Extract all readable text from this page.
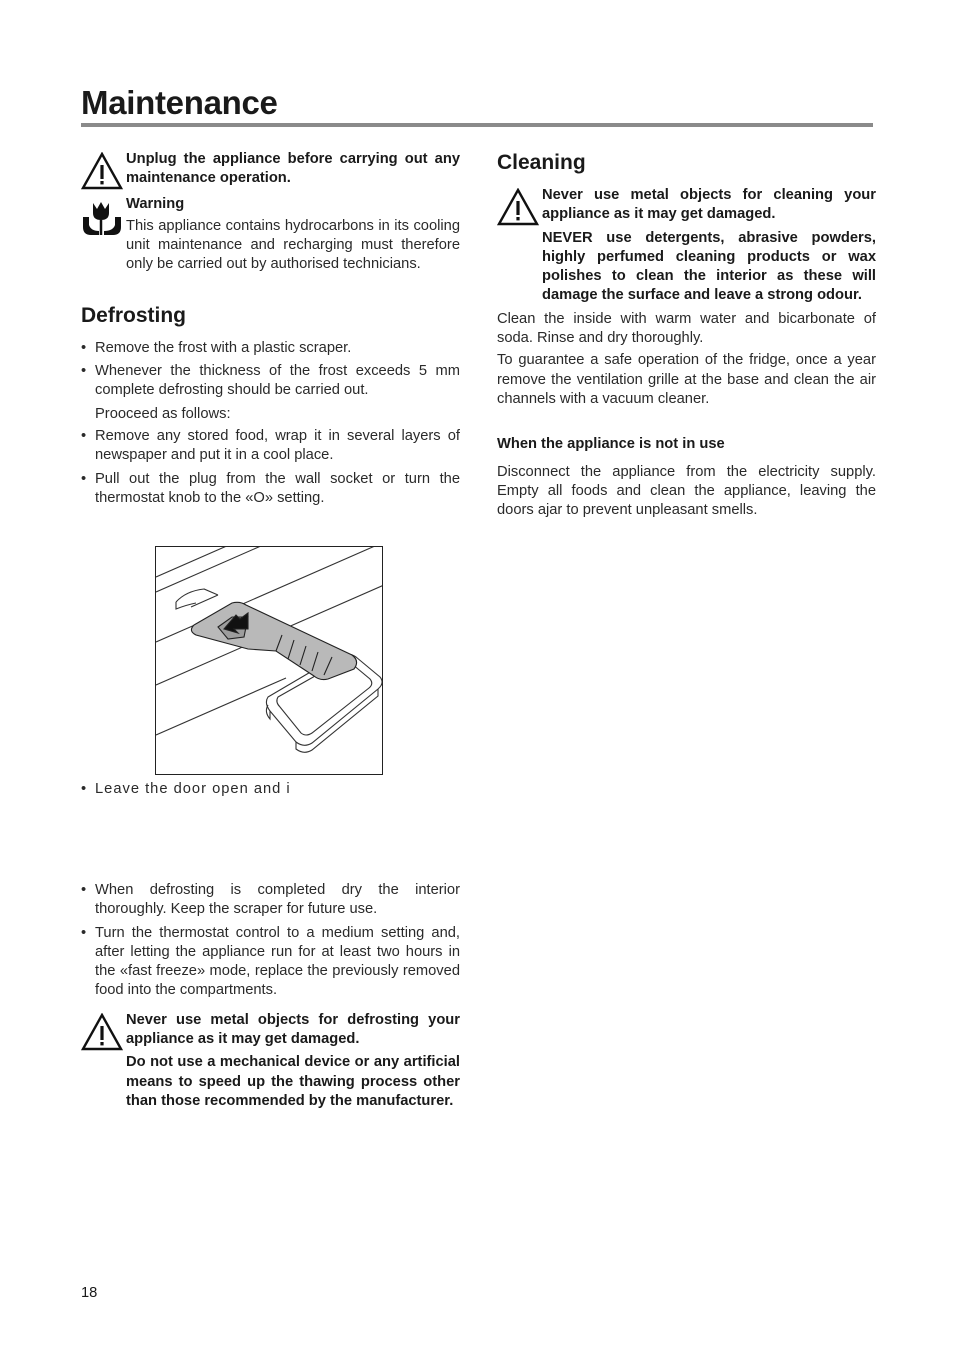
Maintenance

Unplug the appliance before carrying out any maintenance operation.

Warning

This appliance contains hydrocarbons in its cooling unit maintenance and recharging must therefore only be carried out by authorised technicians.

Defrosting
• Remove the frost with a plastic scraper.
• Whenever the thickness of the frost exceeds 5 mm complete defrosting should be carried out.
Prooceed as follows:
• Remove any stored food, wrap it in several layers of newspaper and put it in a cool place.
• Pull out the plug from the wall socket or turn the thermostat knob to the «O» setting.
• Leave the door open and i
• When defrosting is completed dry the interior thoroughly. Keep the scraper for future use.
• Turn the thermostat control to a medium setting and, after letting the appliance run for at least two hours in the «fast freeze» mode, replace the previously removed food into the compartments.

Never use metal objects for defrosting your appliance as it may get damaged.

Do not use a mechanical device or any artificial means to speed up the thawing process other than those recommended by the manufacturer.

Cleaning

Never use metal objects for cleaning your appliance as it may get damaged.

NEVER use detergents, abrasive powders, highly perfumed cleaning products or wax polishes to clean the interior as these will damage the surface and leave a strong odour.

Clean the inside with warm water and bicarbonate of soda. Rinse and dry thoroughly.

To guarantee a safe operation of the fridge, once a year remove the ventilation grille at the base and clean the air channels with a vacuum cleaner.

When the appliance is not in use

Disconnect the appliance from the electricity supply. Empty all foods and clean the appliance, leaving the doors ajar to prevent unpleasant smells.

18
